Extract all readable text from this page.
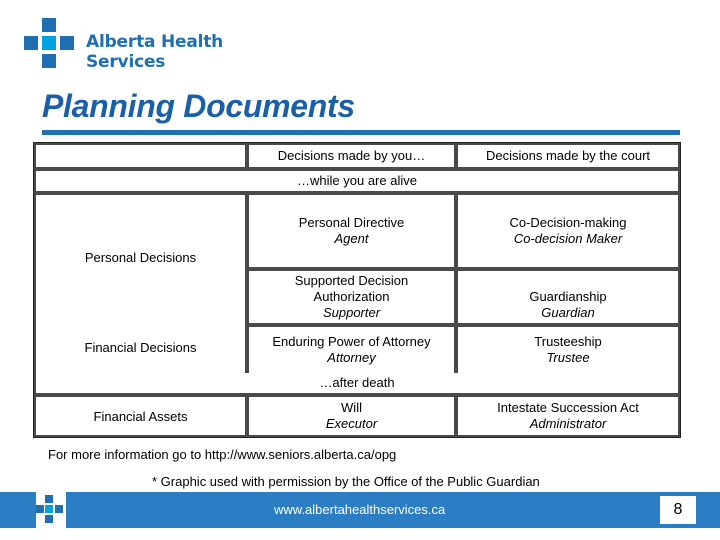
Alberta Health
Services
Planning Documents
Decisions made by you…	Decisions made by the court
…while you are alive
Personal Decisions
Financial Decisions
Personal Directive
Agent
Co-Decision-making
Co-decision Maker
Supported Decision Authorization
Supporter
Guardianship
Guardian
Enduring Power of Attorney
Attorney
Trusteeship
Trustee
…after death
Financial Assets
Will
Executor
Intestate Succession Act
Administrator
For more information go to http://www.seniors.alberta.ca/opg
* Graphic used with permission by the Office of the Public Guardian
www.albertahealthservices.ca	8
